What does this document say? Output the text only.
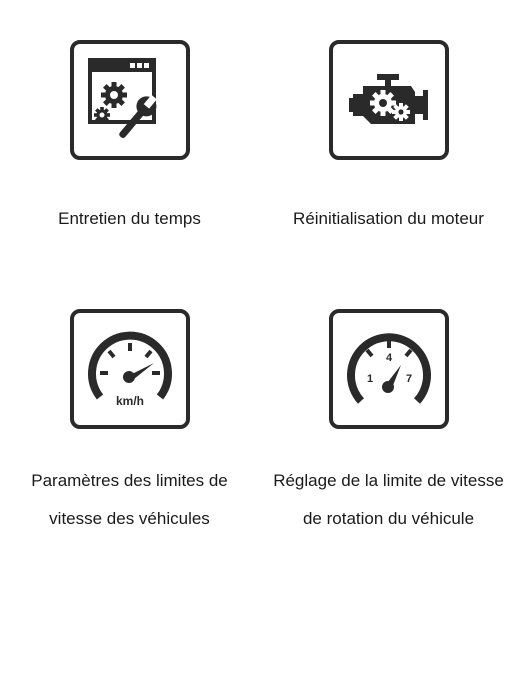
Entretien du temps	Réinitialisation du moteur
km/h
Paramètres des limites de vitesse des véhicules
4
1	7
Réglage de la limite de vitesse de rotation du véhicule
